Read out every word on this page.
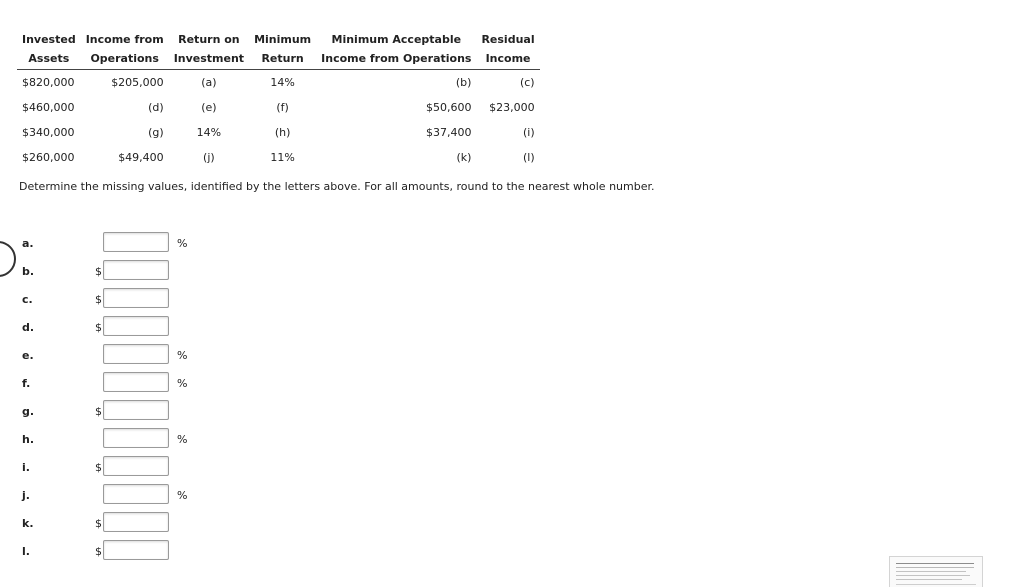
Invested	Income from	Return on	Minimum	Minimum Acceptable	Residual
Assets	Operations	Investment	Return	Income from Operations	Income
$820,000	$205,000	(a)	14%	(b)	(c)
$460,000	(d)	(e)	(f)	$50,600	$23,000
$340,000	(g)	14%	(h)	$37,400	(i)
$260,000	$49,400	(j)	11%	(k)	(l)
Determine the missing values, identified by the letters above. For all amounts, round to the nearest whole number.
a.	%
b.	$
c.	$
d.	$
e.	%
f.	%
g.	$
h.	%
i.	$
j.	%
k.	$
l.	$
